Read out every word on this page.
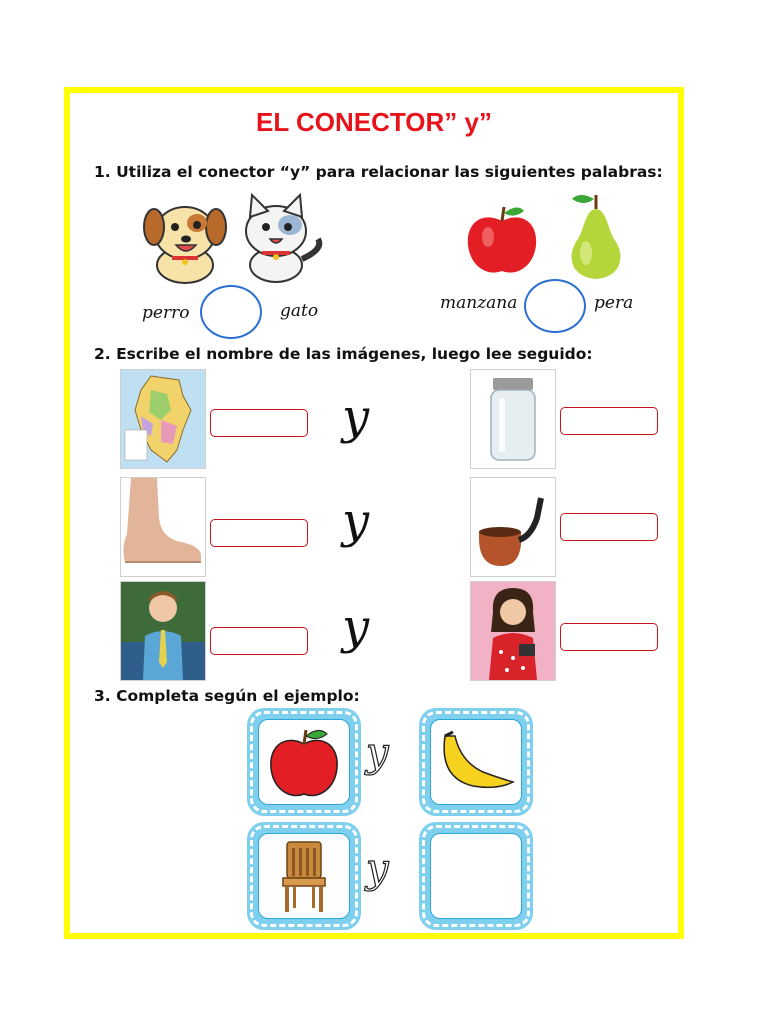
EL CONECTOR” y”
1. Utiliza el conector “y” para relacionar las siguientes palabras:
perro	gato	manzana	pera
2. Escribe el nombre de las imágenes, luego lee seguido:
y
y
y
3. Completa según el ejemplo:
y
y
